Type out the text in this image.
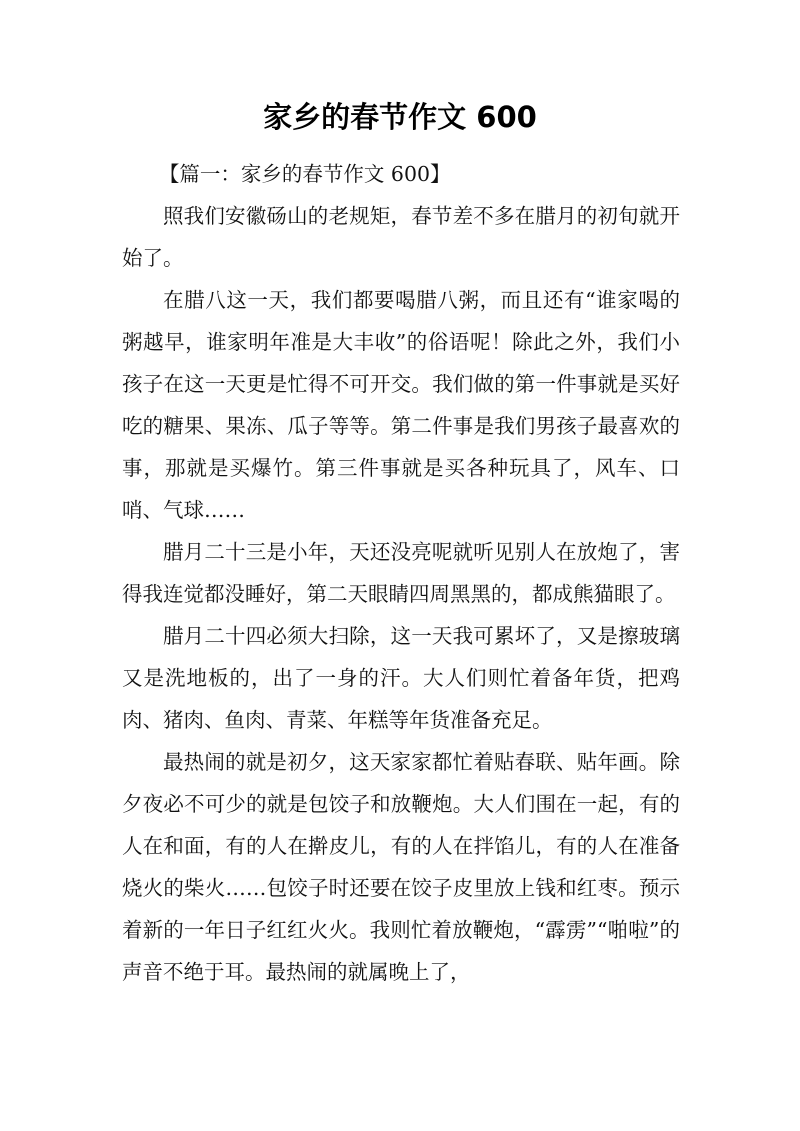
家乡的春节作文 600

【篇一：家乡的春节作文 600】

照我们安徽砀山的老规矩，春节差不多在腊月的初旬就开始了。

在腊八这一天，我们都要喝腊八粥，而且还有“谁家喝的粥越早，谁家明年准是大丰收”的俗语呢！除此之外，我们小孩子在这一天更是忙得不可开交。我们做的第一件事就是买好吃的糖果、果冻、瓜子等等。第二件事是我们男孩子最喜欢的事，那就是买爆竹。第三件事就是买各种玩具了，风车、口哨、气球……

腊月二十三是小年，天还没亮呢就听见别人在放炮了，害得我连觉都没睡好，第二天眼睛四周黑黑的，都成熊猫眼了。

腊月二十四必须大扫除，这一天我可累坏了，又是擦玻璃又是洗地板的，出了一身的汗。大人们则忙着备年货，把鸡肉、猪肉、鱼肉、青菜、年糕等年货准备充足。

最热闹的就是初夕，这天家家都忙着贴春联、贴年画。除夕夜必不可少的就是包饺子和放鞭炮。大人们围在一起，有的人在和面，有的人在擀皮儿，有的人在拌馅儿，有的人在准备烧火的柴火……包饺子时还要在饺子皮里放上钱和红枣。预示着新的一年日子红红火火。我则忙着放鞭炮，“霹雳”“啪啦”的声音不绝于耳。最热闹的就属晚上了，
